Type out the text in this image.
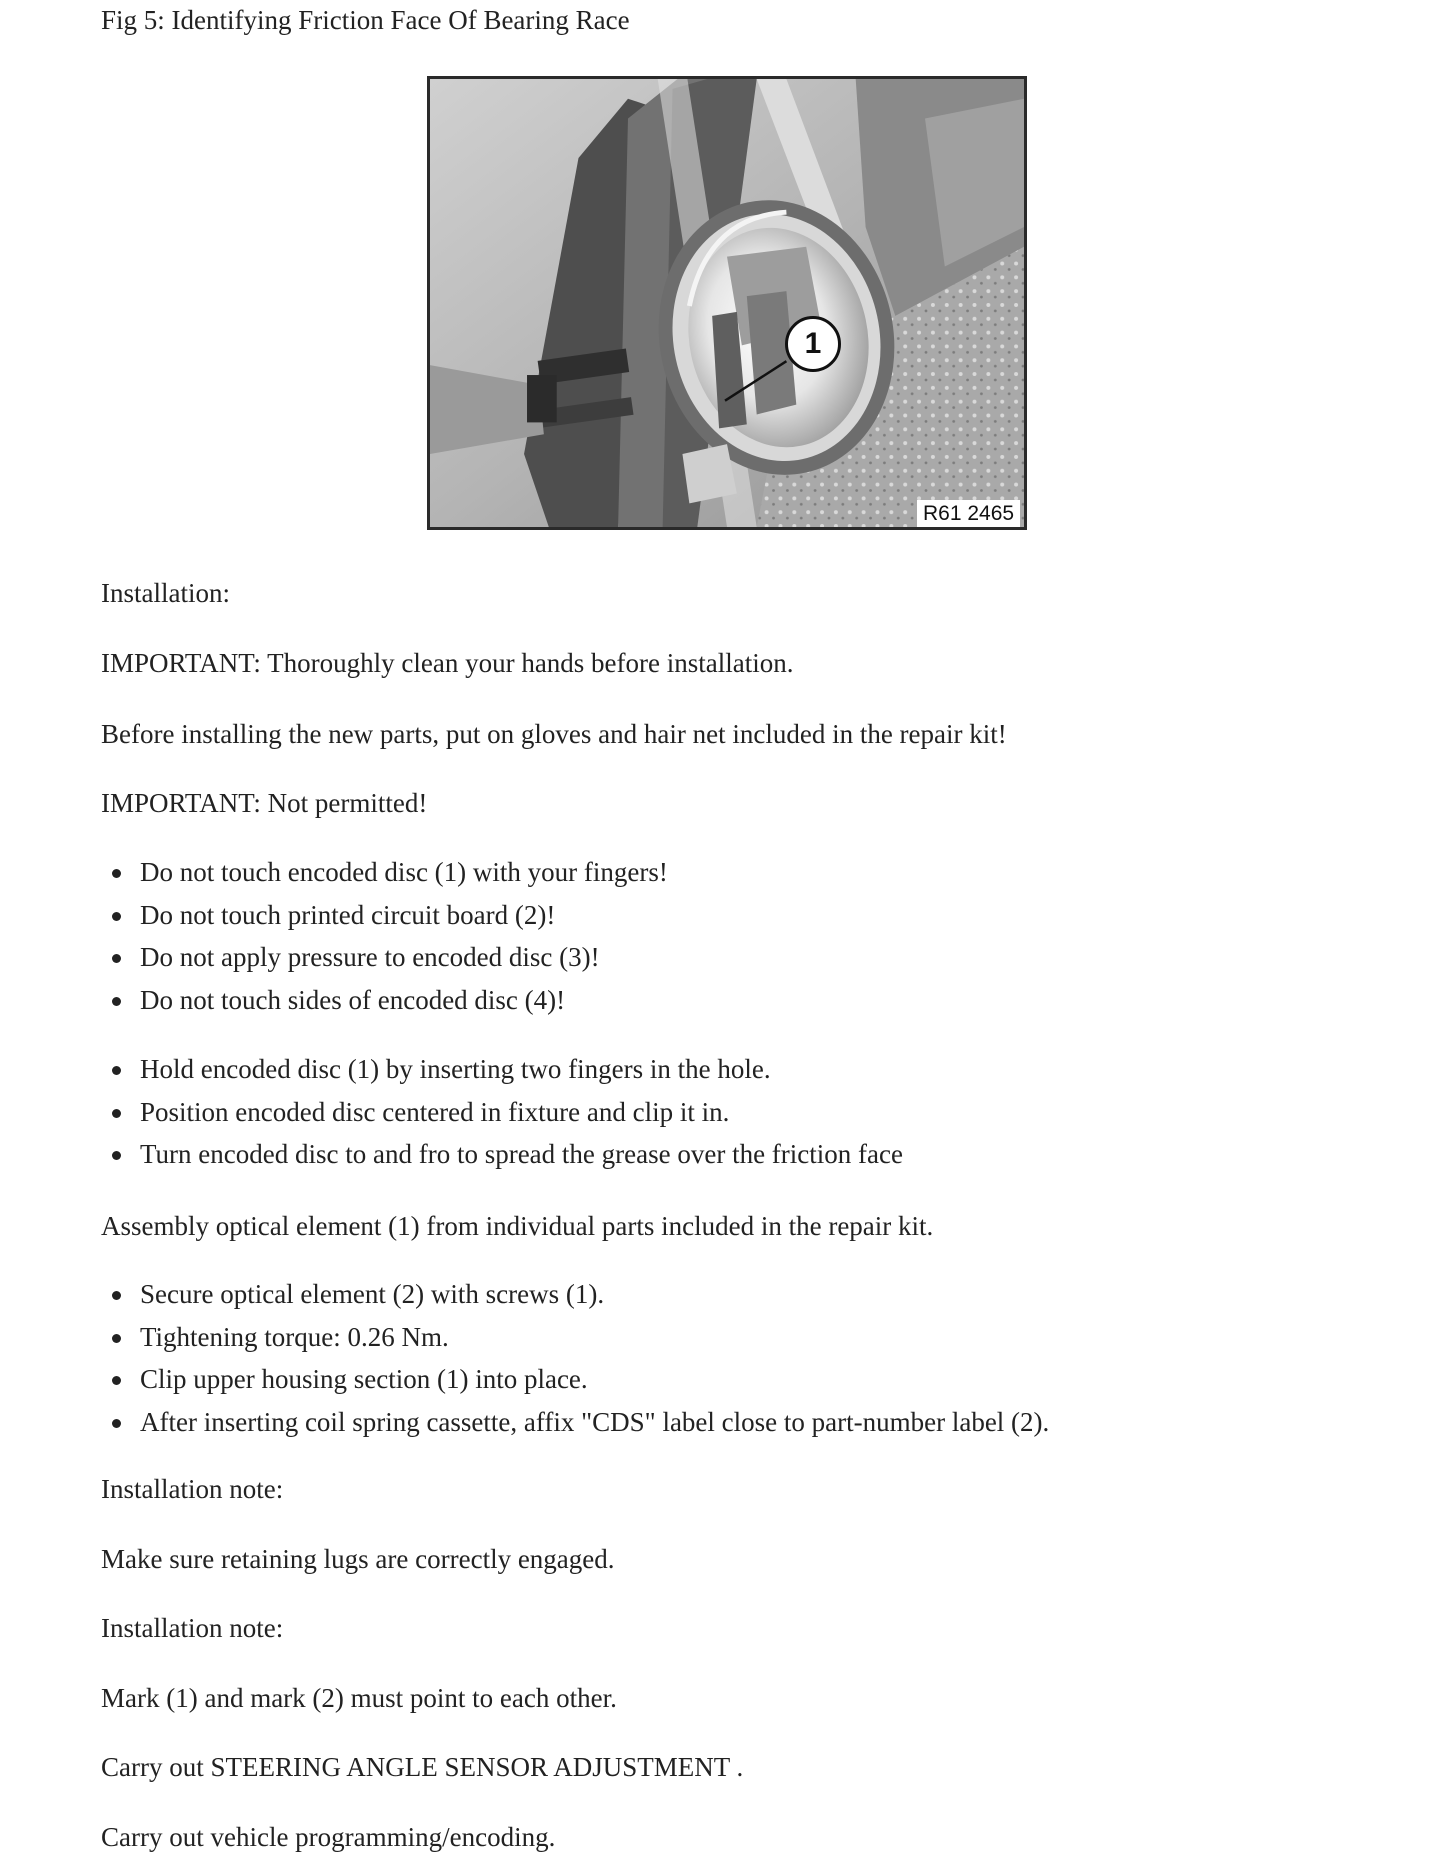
Fig 5: Identifying Friction Face Of Bearing Race

1
R61 2465

Installation:

IMPORTANT: Thoroughly clean your hands before installation.

Before installing the new parts, put on gloves and hair net included in the repair kit!

IMPORTANT: Not permitted!

Do not touch encoded disc (1) with your fingers!
Do not touch printed circuit board (2)!
Do not apply pressure to encoded disc (3)!
Do not touch sides of encoded disc (4)!
Hold encoded disc (1) by inserting two fingers in the hole.
Position encoded disc centered in fixture and clip it in.
Turn encoded disc to and fro to spread the grease over the friction face

Assembly optical element (1) from individual parts included in the repair kit.

Secure optical element (2) with screws (1).
Tightening torque: 0.26 Nm.
Clip upper housing section (1) into place.
After inserting coil spring cassette, affix "CDS" label close to part-number label (2).

Installation note:

Make sure retaining lugs are correctly engaged.

Installation note:

Mark (1) and mark (2) must point to each other.

Carry out STEERING ANGLE SENSOR ADJUSTMENT .

Carry out vehicle programming/encoding.
